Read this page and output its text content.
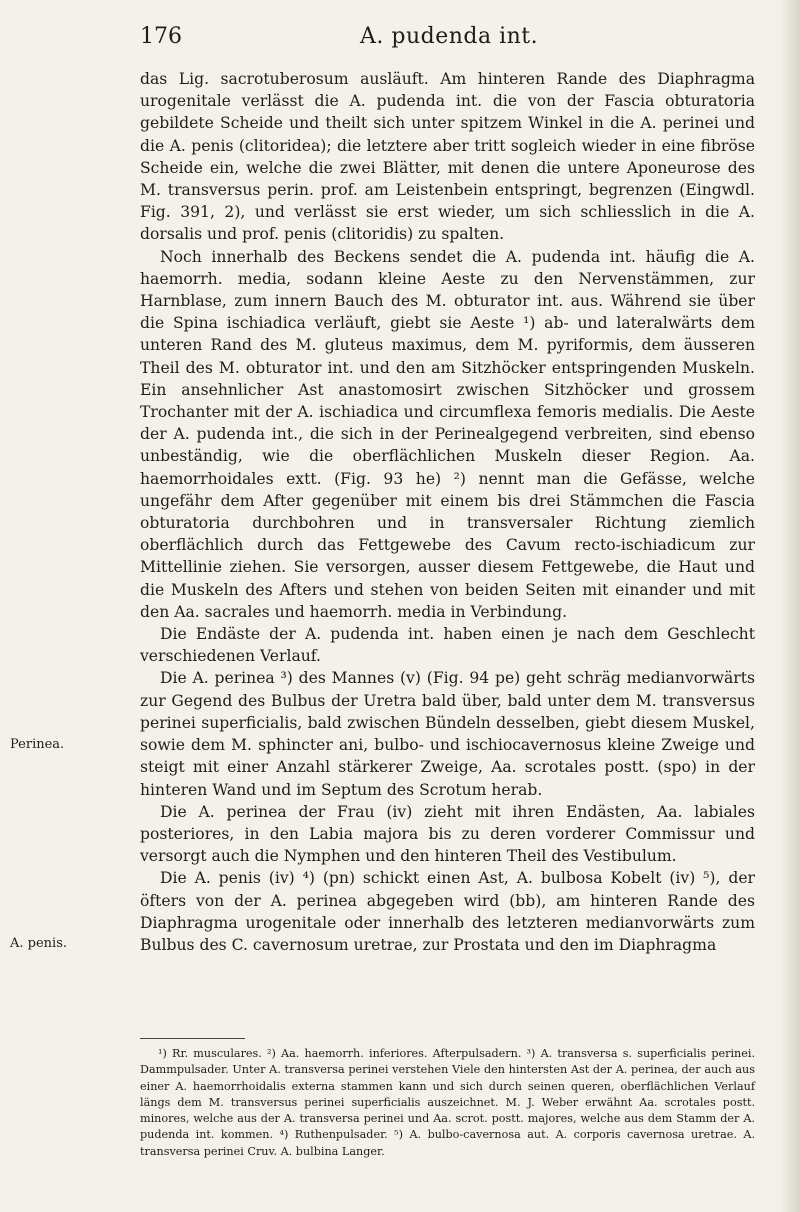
176	A. pudenda int.
Perinea.
A. penis.

das Lig. sacrotuberosum ausläuft. Am hinteren Rande des Diaphragma urogenitale verlässt die A. pudenda int. die von der Fascia obturatoria gebildete Scheide und theilt sich unter spitzem Winkel in die A. perinei und die A. penis (clitoridea); die letztere aber tritt sogleich wieder in eine fibröse Scheide ein, welche die zwei Blätter, mit denen die untere Aponeurose des M. transversus perin. prof. am Leistenbein entspringt, begrenzen (Eingwdl. Fig. 391, 2), und verlässt sie erst wieder, um sich schliesslich in die A. dorsalis und prof. penis (clitoridis) zu spalten.

Noch innerhalb des Beckens sendet die A. pudenda int. häufig die A. haemorrh. media, sodann kleine Aeste zu den Nervenstämmen, zur Harnblase, zum innern Bauch des M. obturator int. aus. Während sie über die Spina ischiadica verläuft, giebt sie Aeste ¹) ab- und lateralwärts dem unteren Rand des M. gluteus maximus, dem M. pyriformis, dem äusseren Theil des M. obturator int. und den am Sitzhöcker entspringenden Muskeln. Ein ansehnlicher Ast anastomosirt zwischen Sitzhöcker und grossem Trochanter mit der A. ischiadica und circumflexa femoris medialis. Die Aeste der A. pudenda int., die sich in der Perinealgegend verbreiten, sind ebenso unbeständig, wie die oberflächlichen Muskeln dieser Region. Aa. haemorrhoidales extt. (Fig. 93 he) ²) nennt man die Gefässe, welche ungefähr dem After gegenüber mit einem bis drei Stämmchen die Fascia obturatoria durchbohren und in transversaler Richtung ziemlich oberflächlich durch das Fettgewebe des Cavum recto-ischiadicum zur Mittellinie ziehen. Sie versorgen, ausser diesem Fettgewebe, die Haut und die Muskeln des Afters und stehen von beiden Seiten mit einander und mit den Aa. sacrales und haemorrh. media in Verbindung.

Die Endäste der A. pudenda int. haben einen je nach dem Geschlecht verschiedenen Verlauf.

Die A. perinea ³) des Mannes (v) (Fig. 94 pe) geht schräg medianvorwärts zur Gegend des Bulbus der Uretra bald über, bald unter dem M. transversus perinei superficialis, bald zwischen Bündeln desselben, giebt diesem Muskel, sowie dem M. sphincter ani, bulbo- und ischiocavernosus kleine Zweige und steigt mit einer Anzahl stärkerer Zweige, Aa. scrotales postt. (spo) in der hinteren Wand und im Septum des Scrotum herab.

Die A. perinea der Frau (iv) zieht mit ihren Endästen, Aa. labiales posteriores, in den Labia majora bis zu deren vorderer Commissur und versorgt auch die Nymphen und den hinteren Theil des Vestibulum.

Die A. penis (iv) ⁴) (pn) schickt einen Ast, A. bulbosa Kobelt (iv) ⁵), der öfters von der A. perinea abgegeben wird (bb), am hinteren Rande des Diaphragma urogenitale oder innerhalb des letzteren medianvorwärts zum Bulbus des C. cavernosum uretrae, zur Prostata und den im Diaphragma

¹) Rr. musculares. ²) Aa. haemorrh. inferiores. Afterpulsadern. ³) A. transversa s. superficialis perinei. Dammpulsader. Unter A. transversa perinei verstehen Viele den hintersten Ast der A. perinea, der auch aus einer A. haemorrhoidalis externa stammen kann und sich durch seinen queren, oberflächlichen Verlauf längs dem M. transversus perinei superficialis auszeichnet. M. J. Weber erwähnt Aa. scrotales postt. minores, welche aus der A. transversa perinei und Aa. scrot. postt. majores, welche aus dem Stamm der A. pudenda int. kommen. ⁴) Ruthenpulsader. ⁵) A. bulbo-cavernosa aut. A. corporis cavernosa uretrae. A. transversa perinei Cruv. A. bulbina Langer.
